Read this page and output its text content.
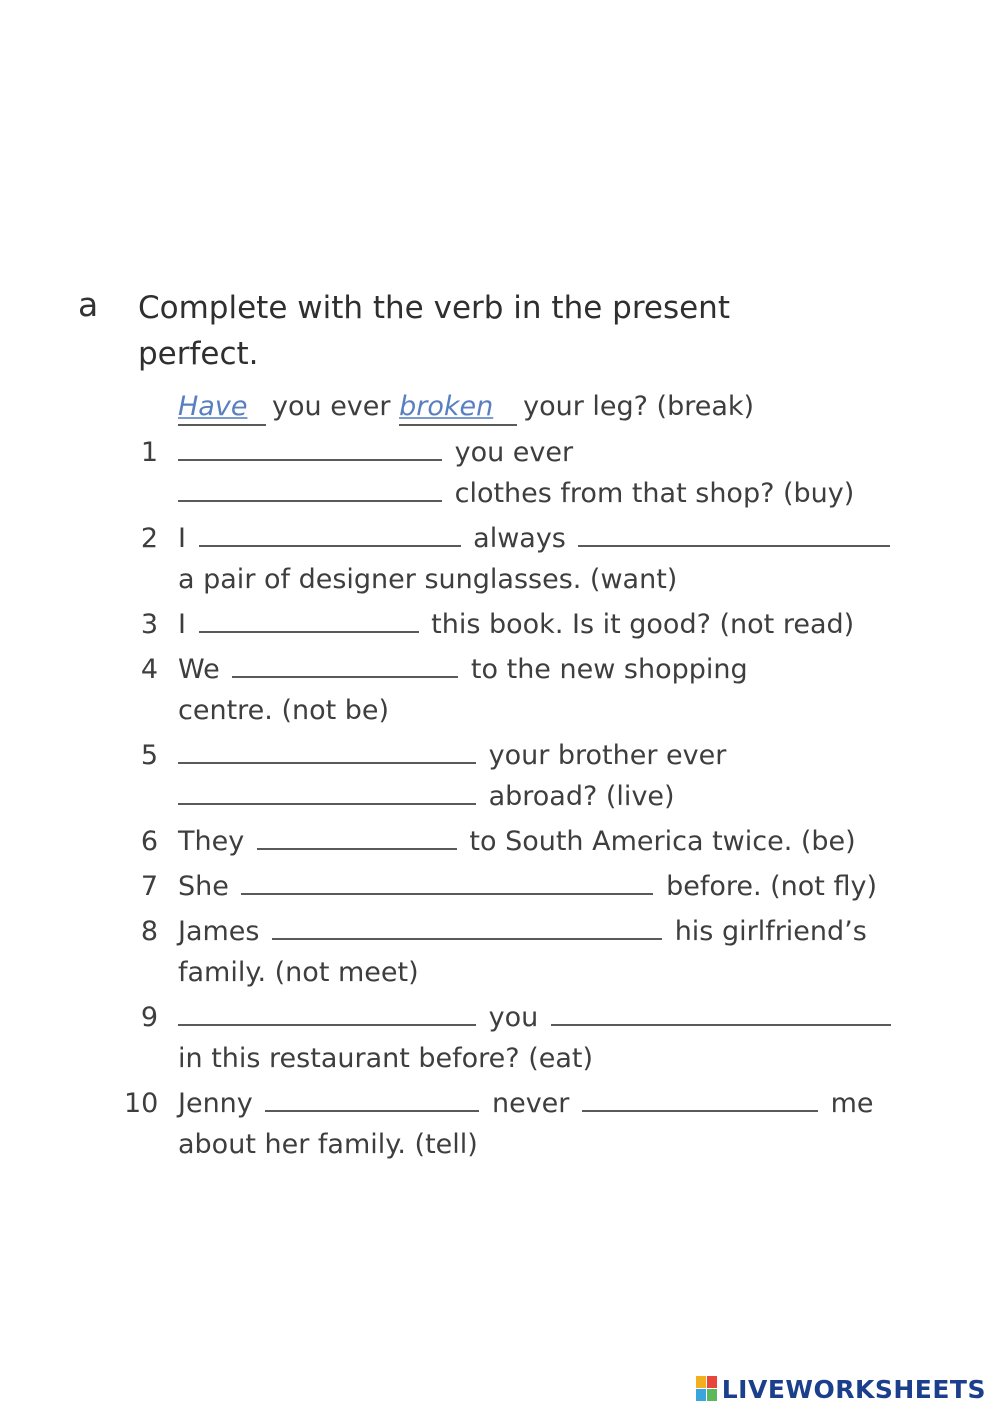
a Complete with the verb in the present perfect.
Have you ever broken your leg? (break)
1	you ever
clothes from that shop? (buy)
2 I	always
a pair of designer sunglasses. (want)
3 I	this book. Is it good? (not read)
4 We	to the new shopping
centre. (not be)
5	your brother ever
abroad? (live)
6 They	to South America twice. (be)
7 She	before. (not fly)
8 James	his girlfriend’s
family. (not meet)
9	you
in this restaurant before? (eat)
10 Jenny	never	me
about her family. (tell)
LIVEWORKSHEETS
